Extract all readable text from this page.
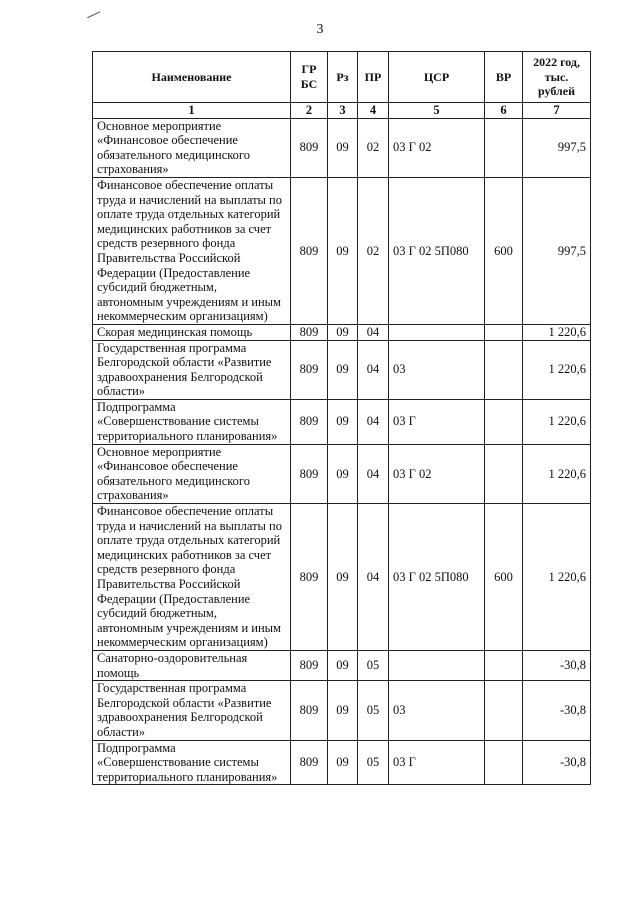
3
Наименование	ГР БС	Рз	ПР	ЦСР	ВР	2022 год, тыс. рублей
1	2	3	4	5	6	7
Основное мероприятие «Финансовое обеспечение обязательного медицинского страхования»	809	09	02	03 Г 02		997,5
Финансовое обеспечение оплаты труда и начислений на выплаты по оплате труда отдельных категорий медицинских работников за счет средств резервного фонда Правительства Российской Федерации (Предоставление субсидий бюджетным, автономным учреждениям и иным некоммерческим организациям)	809	09	02	03 Г 02 5П080	600	997,5
Скорая медицинская помощь	809	09	04			1 220,6
Государственная программа Белгородской области «Развитие здравоохранения Белгородской области»	809	09	04	03		1 220,6
Подпрограмма «Совершенствование системы территориального планирования»	809	09	04	03 Г		1 220,6
Основное мероприятие «Финансовое обеспечение обязательного медицинского страхования»	809	09	04	03 Г 02		1 220,6
Финансовое обеспечение оплаты труда и начислений на выплаты по оплате труда отдельных категорий медицинских работников за счет средств резервного фонда Правительства Российской Федерации (Предоставление субсидий бюджетным, автономным учреждениям и иным некоммерческим организациям)	809	09	04	03 Г 02 5П080	600	1 220,6
Санаторно-оздоровительная помощь	809	09	05			-30,8
Государственная программа Белгородской области «Развитие здравоохранения Белгородской области»	809	09	05	03		-30,8
Подпрограмма «Совершенствование системы территориального планирования»	809	09	05	03 Г		-30,8
